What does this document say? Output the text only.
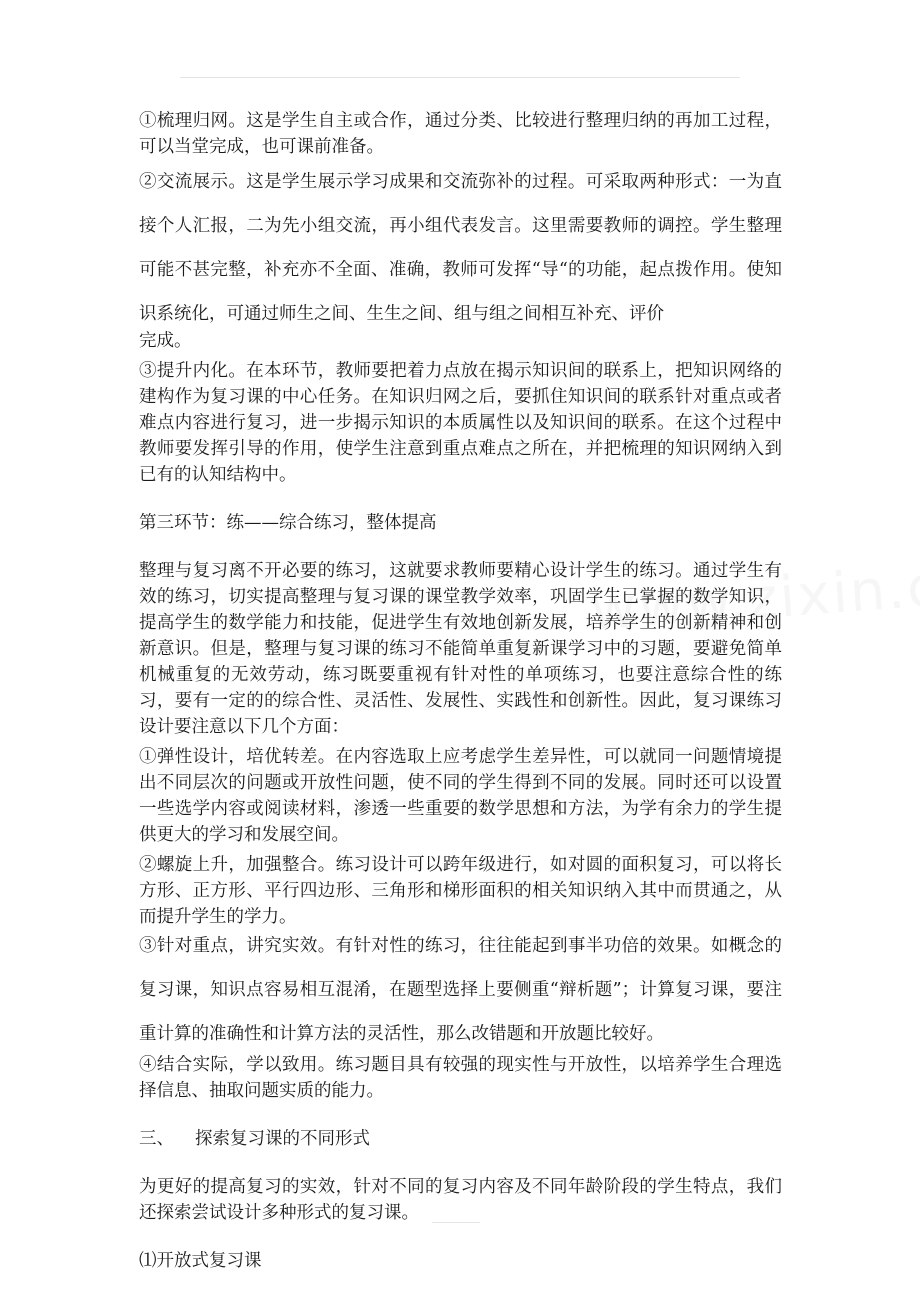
①梳理归网。这是学生自主或合作，通过分类、比较进行整理归纳的再加工过程，可以当堂完成，也可课前准备。

②交流展示。这是学生展示学习成果和交流弥补的过程。可采取两种形式：一为直接个人汇报，二为先小组交流，再小组代表发言。这里需要教师的调控。学生整理可能不甚完整，补充亦不全面、准确，教师可发挥“导“的功能，起点拨作用。使知识系统化，可通过师生之间、生生之间、组与组之间相互补充、评价

完成。

③提升内化。在本环节，教师要把着力点放在揭示知识间的联系上，把知识网络的建构作为复习课的中心任务。在知识归网之后，要抓住知识间的联系针对重点或者难点内容进行复习，进一步揭示知识的本质属性以及知识间的联系。在这个过程中教师要发挥引导的作用，使学生注意到重点难点之所在，并把梳理的知识网纳入到已有的认知结构中。

第三环节：练——综合练习，整体提高

整理与复习离不开必要的练习，这就要求教师要精心设计学生的练习。通过学生有效的练习，切实提高整理与复习课的课堂教学效率，巩固学生已掌握的数学知识，提高学生的数学能力和技能，促进学生有效地创新发展，培养学生的创新精神和创新意识。但是，整理与复习课的练习不能简单重复新课学习中的习题，要避免简单机械重复的无效劳动，练习既要重视有针对性的单项练习，也要注意综合性的练习，要有一定的的综合性、灵活性、发展性、实践性和创新性。因此，复习课练习设计要注意以下几个方面：

①弹性设计，培优转差。在内容选取上应考虑学生差异性，可以就同一问题情境提出不同层次的问题或开放性问题，使不同的学生得到不同的发展。同时还可以设置一些选学内容或阅读材料，渗透一些重要的数学思想和方法，为学有余力的学生提供更大的学习和发展空间。

②螺旋上升，加强整合。练习设计可以跨年级进行，如对圆的面积复习，可以将长方形、正方形、平行四边形、三角形和梯形面积的相关知识纳入其中而贯通之，从而提升学生的学力。

③针对重点，讲究实效。有针对性的练习，往往能起到事半功倍的效果。如概念的复习课，知识点容易相互混淆，在题型选择上要侧重“辩析题”；计算复习课，要注重计算的准确性和计算方法的灵活性，那么改错题和开放题比较好。

④结合实际，学以致用。练习题目具有较强的现实性与开放性，以培养学生合理选择信息、抽取问题实质的能力。

三、 探索复习课的不同形式

为更好的提高复习的实效，针对不同的复习内容及不同年龄阶段的学生特点，我们还探索尝试设计多种形式的复习课。

⑴开放式复习课
